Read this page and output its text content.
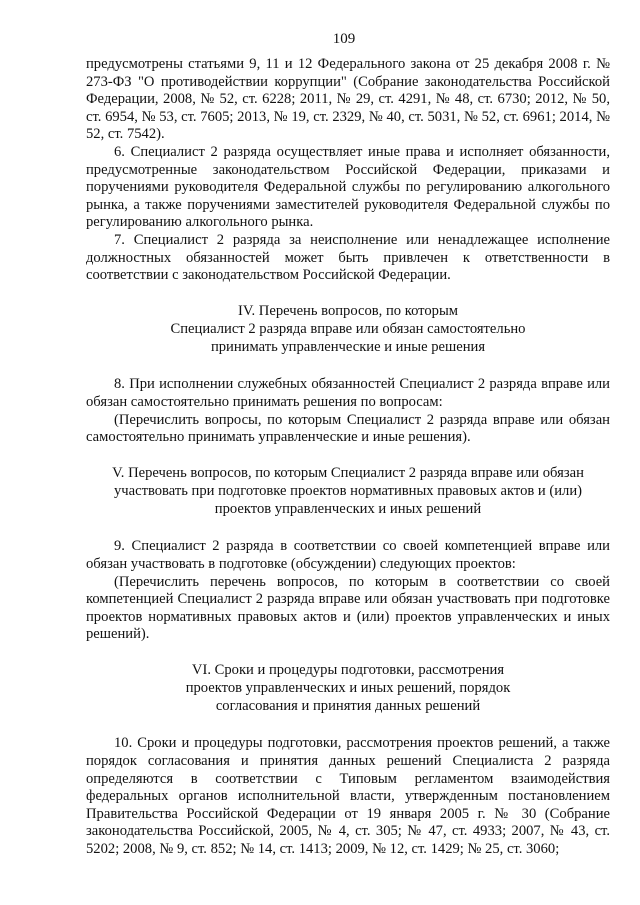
109

предусмотрены статьями 9, 11 и 12 Федерального закона от 25 декабря 2008 г. № 273-ФЗ "О противодействии коррупции" (Собрание законодательства Российской Федерации, 2008, № 52, ст. 6228; 2011, № 29, ст. 4291, № 48, ст. 6730; 2012, № 50, ст. 6954, № 53, ст. 7605; 2013, № 19, ст. 2329, № 40, ст. 5031, № 52, ст. 6961; 2014, № 52, ст. 7542).

6. Специалист 2 разряда осуществляет иные права и исполняет обязанности, предусмотренные законодательством Российской Федерации, приказами и поручениями руководителя Федеральной службы по регулированию алкогольного рынка, а также поручениями заместителей руководителя Федеральной службы по регулированию алкогольного рынка.

7. Специалист 2 разряда за неисполнение или ненадлежащее исполнение должностных обязанностей может быть привлечен к ответственности в соответствии с законодательством Российской Федерации.

IV. Перечень вопросов, по которым
Специалист 2 разряда вправе или обязан самостоятельно
принимать управленческие и иные решения

8. При исполнении служебных обязанностей Специалист 2 разряда вправе или обязан самостоятельно принимать решения по вопросам:

(Перечислить вопросы, по которым Специалист 2 разряда вправе или обязан самостоятельно принимать управленческие и иные решения).

V. Перечень вопросов, по которым Специалист 2 разряда вправе или обязан
участвовать при подготовке проектов нормативных правовых актов и (или)
проектов управленческих и иных решений

9. Специалист 2 разряда в соответствии со своей компетенцией вправе или обязан участвовать в подготовке (обсуждении) следующих проектов:

(Перечислить перечень вопросов, по которым в соответствии со своей компетенцией Специалист 2 разряда вправе или обязан участвовать при подготовке проектов нормативных правовых актов и (или) проектов управленческих и иных решений).

VI. Сроки и процедуры подготовки, рассмотрения
проектов управленческих и иных решений, порядок
согласования и принятия данных решений

10. Сроки и процедуры подготовки, рассмотрения проектов решений, а также порядок согласования и принятия данных решений Специалиста 2 разряда определяются в соответствии с Типовым регламентом взаимодействия федеральных органов исполнительной власти, утвержденным постановлением Правительства Российской Федерации от 19 января 2005 г. № 30 (Собрание законодательства Российской, 2005, № 4, ст. 305; № 47, ст. 4933; 2007, № 43, ст. 5202; 2008, № 9, ст. 852; № 14, ст. 1413; 2009, № 12, ст. 1429; № 25, ст. 3060;
